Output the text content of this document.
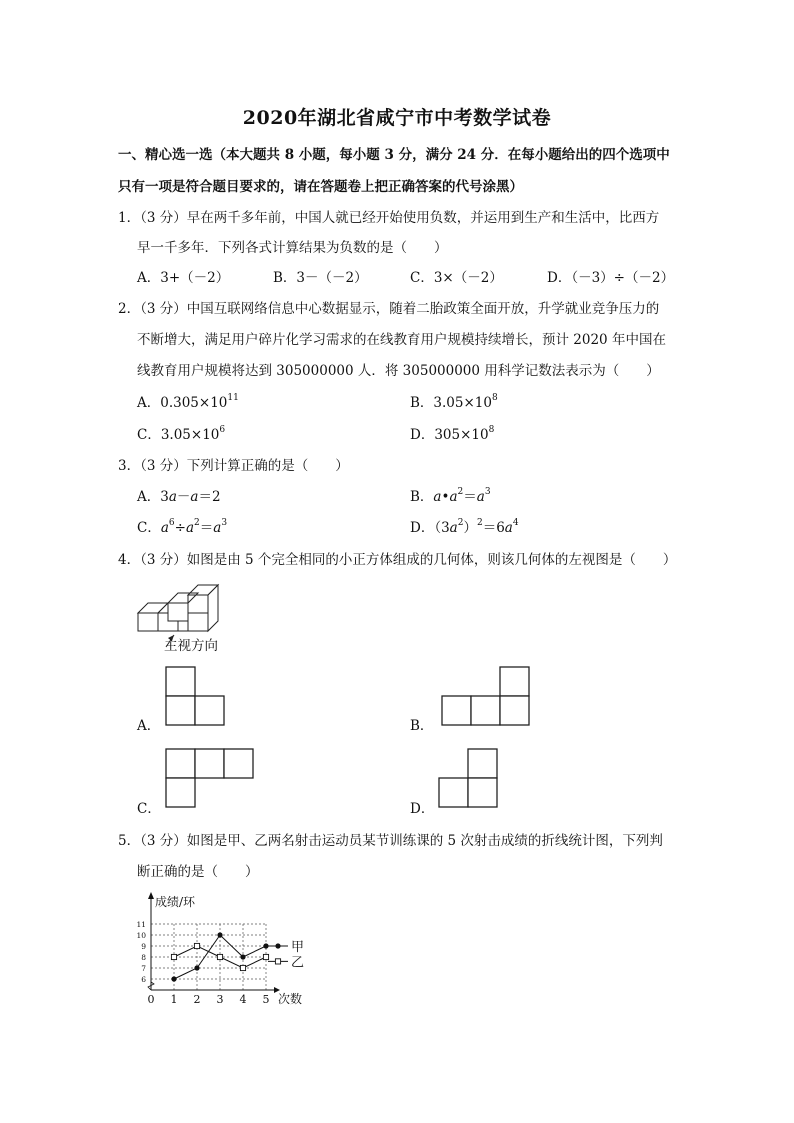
2020年湖北省咸宁市中考数学试卷
一、精心选一选（本大题共 8 小题，每小题 3 分，满分 24 分．在每小题给出的四个选项中
只有一项是符合题目要求的，请在答题卷上把正确答案的代号涂黑）
1．（3 分）早在两千多年前，中国人就已经开始使用负数，并运用到生产和生活中，比西方
早一千多年．下列各式计算结果为负数的是（　　）
A．3+（－2）	B．3－（－2）	C．3×（－2）	D．（－3）÷（－2）
2．（3 分）中国互联网络信息中心数据显示，随着二胎政策全面开放，升学就业竞争压力的
不断增大，满足用户碎片化学习需求的在线教育用户规模持续增长，预计 2020 年中国在
线教育用户规模将达到 305000000 人．将 305000000 用科学记数法表示为（　　）
A．$0.305\times 10^{11}$	B．$3.05\times 10^8$
C．$3.05\times 10^6$	D．$305\times 10^8$
3．（3 分）下列计算正确的是（　　）
A．3a－a＝2	B．$a•a^2=a^3$
C．$a^6\div a^2=a^3$	D．$(3a^2)^2=6a^4$
4．（3 分）如图是由 5 个完全相同的小正方体组成的几何体，则该几何体的左视图是（　　）
主视方向
A．	B．
C．	D．
5．（3 分）如图是甲、乙两名射击运动员某节训练课的 5 次射击成绩的折线统计图，下列判
断正确的是（　　）
成绩/环
次数
0 1 2 3 4 5
6
7
8
9
10
11
甲
乙
